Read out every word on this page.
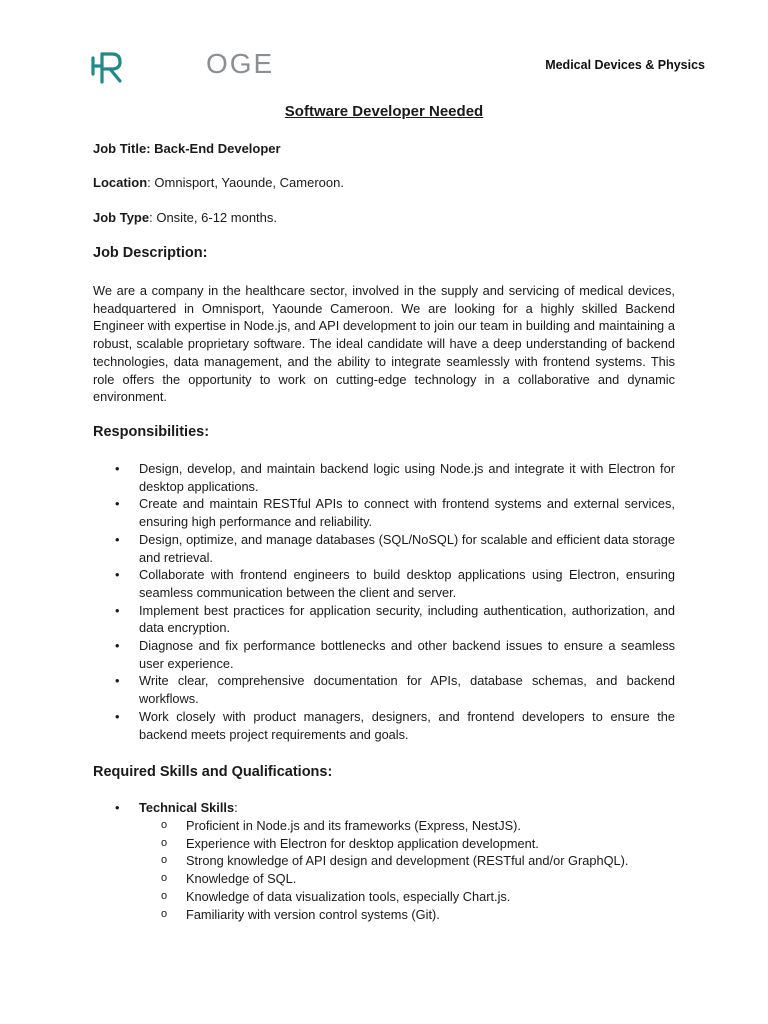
OGE	Medical Devices & Physics
Software Developer Needed
Job Title: Back-End Developer
Location: Omnisport, Yaounde, Cameroon.
Job Type: Onsite, 6-12 months.
Job Description:

We are a company in the healthcare sector, involved in the supply and servicing of medical devices, headquartered in Omnisport, Yaounde Cameroon. We are looking for a highly skilled Backend Engineer with expertise in Node.js, and API development to join our team in building and maintaining a robust, scalable proprietary software. The ideal candidate will have a deep understanding of backend technologies, data management, and the ability to integrate seamlessly with frontend systems. This role offers the opportunity to work on cutting-edge technology in a collaborative and dynamic environment.

Responsibilities:
• Design, develop, and maintain backend logic using Node.js and integrate it with Electron for desktop applications.
• Create and maintain RESTful APIs to connect with frontend systems and external services, ensuring high performance and reliability.
• Design, optimize, and manage databases (SQL/NoSQL) for scalable and efficient data storage and retrieval.
• Collaborate with frontend engineers to build desktop applications using Electron, ensuring seamless communication between the client and server.
• Implement best practices for application security, including authentication, authorization, and data encryption.
• Diagnose and fix performance bottlenecks and other backend issues to ensure a seamless user experience.
• Write clear, comprehensive documentation for APIs, database schemas, and backend workflows.
• Work closely with product managers, designers, and frontend developers to ensure the backend meets project requirements and goals.
Required Skills and Qualifications:
• Technical Skills:
o Proficient in Node.js and its frameworks (Express, NestJS).
o Experience with Electron for desktop application development.
o Strong knowledge of API design and development (RESTful and/or GraphQL).
o Knowledge of SQL.
o Knowledge of data visualization tools, especially Chart.js.
o Familiarity with version control systems (Git).
